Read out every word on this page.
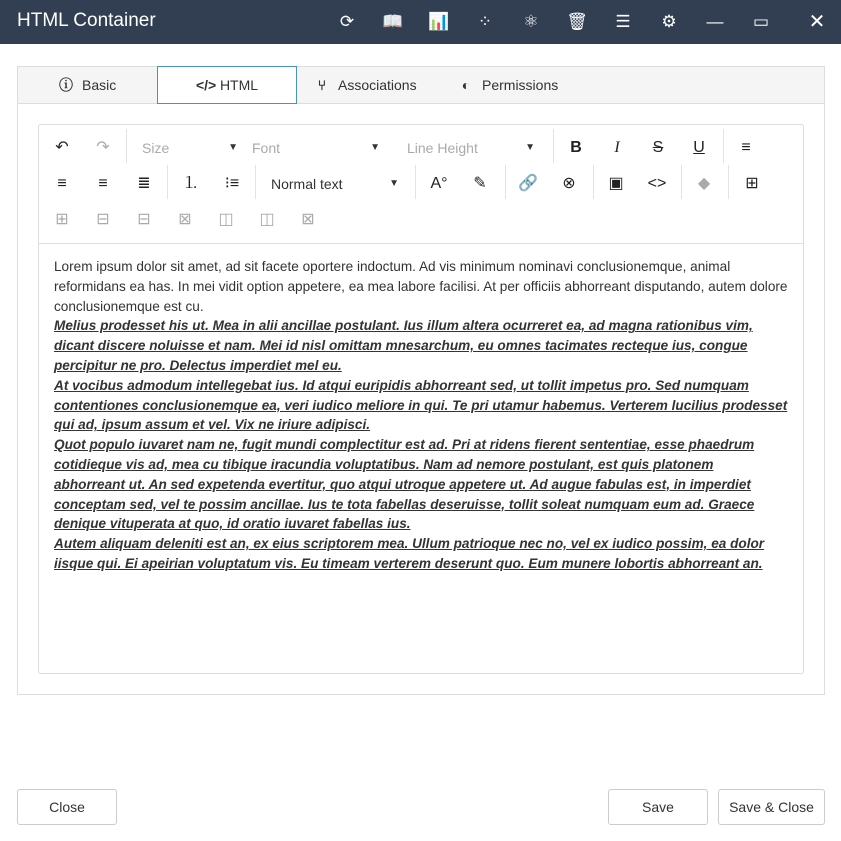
HTML Container	⟳ 📖 📊 ⁘ ⚛ 🗑 ☰ ⚙ — ▭ ✕
ⓘ Basic	</> HTML	⑂ Associations	◐ Permissions
↶	↷	Size	▼ Font	▼ Line Height	▼	B	I	S	U	≡
≡	≡	≣	⒈	⁝≡	Normal text	▼ A°	✎	🔗	⊗	▣	<>	◆	⊞
⊞	⊟	⊟	⊠	◫	◫	⊠

Lorem ipsum dolor sit amet, ad sit facete oportere indoctum. Ad vis minimum nominavi conclusionemque, animal reformidans ea has. In mei vidit option appetere, ea mea labore facilisi. At per officiis abhorreant disputando, autem dolore conclusionemque est cu.

Melius prodesset his ut. Mea in alii ancillae postulant. Ius illum altera ocurreret ea, ad magna rationibus vim, dicant discere noluisse et nam. Mei id nisl omittam mnesarchum, eu omnes tacimates recteque ius, congue percipitur ne pro. Delectus imperdiet mel eu.

At vocibus admodum intellegebat ius. Id atqui euripidis abhorreant sed, ut tollit impetus pro. Sed numquam contentiones conclusionemque ea, veri iudico meliore in qui. Te pri utamur habemus. Verterem lucilius prodesset qui ad, ipsum assum et vel. Vix ne iriure adipisci.

Quot populo iuvaret nam ne, fugit mundi complectitur est ad. Pri at ridens fierent sententiae, esse phaedrum cotidieque vis ad, mea cu tibique iracundia voluptatibus. Nam ad nemore postulant, est quis platonem abhorreant ut. An sed expetenda evertitur, quo atqui utroque appetere ut. Ad augue fabulas est, in imperdiet conceptam sed, vel te possim ancillae. Ius te tota fabellas deseruisse, tollit soleat numquam eum ad. Graece denique vituperata at quo, id oratio iuvaret fabellas ius.

Autem aliquam deleniti est an, ex eius scriptorem mea. Ullum patrioque nec no, vel ex iudico possim, ea dolor iisque qui. Ei apeirian voluptatum vis. Eu timeam verterem deserunt quo. Eum munere lobortis abhorreant an.

Close	Save	Save & Close
